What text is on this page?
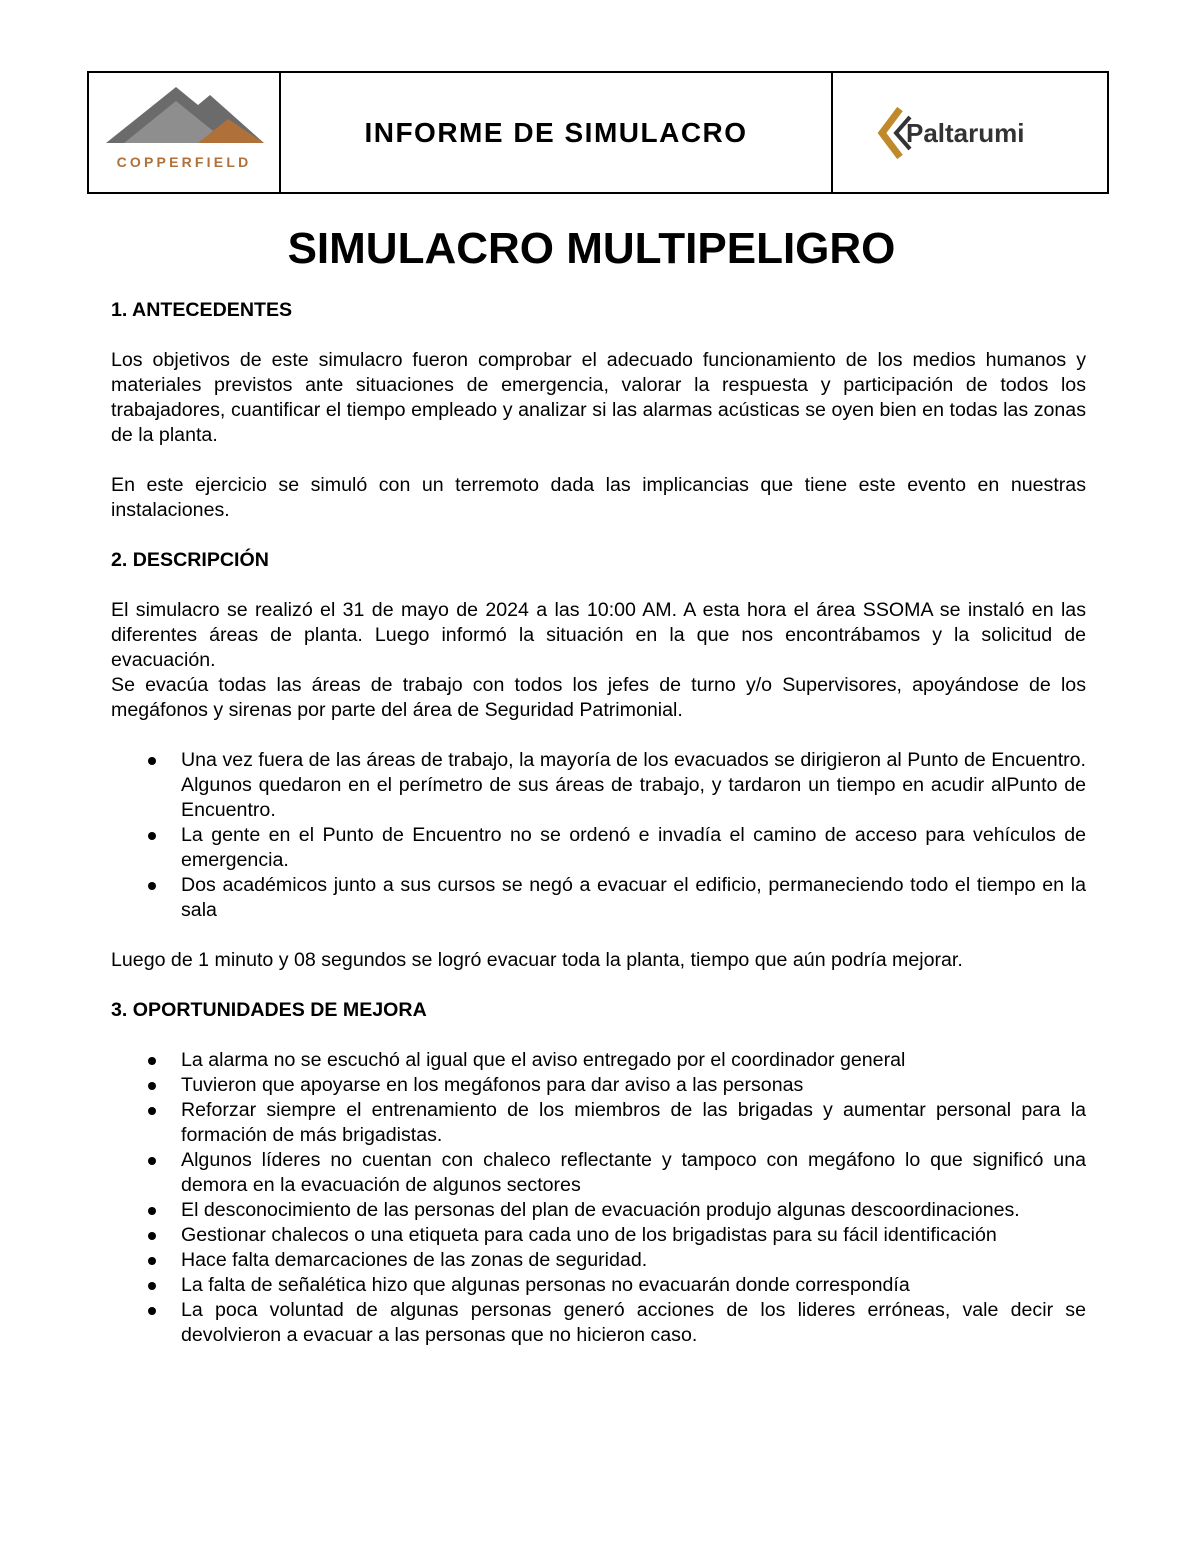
COPPERFIELD
INFORME DE SIMULACRO	Paltarumi
SIMULACRO MULTIPELIGRO

1. ANTECEDENTES

Los objetivos de este simulacro fueron comprobar el adecuado funcionamiento de los medios humanos y materiales previstos ante situaciones de emergencia, valorar la respuesta y participación de todos los trabajadores, cuantificar el tiempo empleado y analizar si las alarmas acústicas se oyen bien en todas las zonas de la planta.

En este ejercicio se simuló con un terremoto dada las implicancias que tiene este evento en nuestras instalaciones.

2. DESCRIPCIÓN

El simulacro se realizó el 31 de mayo de 2024 a las 10:00 AM. A esta hora el área SSOMA se instaló en las diferentes áreas de planta. Luego informó la situación en la que nos encontrábamos y la solicitud de evacuación.

Se evacúa todas las áreas de trabajo con todos los jefes de turno y/o Supervisores, apoyándose de los megáfonos y sirenas por parte del área de Seguridad Patrimonial.

Una vez fuera de las áreas de trabajo, la mayoría de los evacuados se dirigieron al Punto de Encuentro. Algunos quedaron en el perímetro de sus áreas de trabajo, y tardaron un tiempo en acudir alPunto de Encuentro.
La gente en el Punto de Encuentro no se ordenó e invadía el camino de acceso para vehículos de emergencia.
Dos académicos junto a sus cursos se negó a evacuar el edificio, permaneciendo todo el tiempo en la sala

Luego de 1 minuto y 08 segundos se logró evacuar toda la planta, tiempo que aún podría mejorar.

3. OPORTUNIDADES DE MEJORA

La alarma no se escuchó al igual que el aviso entregado por el coordinador general
Tuvieron que apoyarse en los megáfonos para dar aviso a las personas
Reforzar siempre el entrenamiento de los miembros de las brigadas y aumentar personal para la formación de más brigadistas.
Algunos líderes no cuentan con chaleco reflectante y tampoco con megáfono lo que significó una demora en la evacuación de algunos sectores
El desconocimiento de las personas del plan de evacuación produjo algunas descoordinaciones.
Gestionar chalecos o una etiqueta para cada uno de los brigadistas para su fácil identificación
Hace falta demarcaciones de las zonas de seguridad.
La falta de señalética hizo que algunas personas no evacuarán donde correspondía
La poca voluntad de algunas personas generó acciones de los lideres erróneas, vale decir se devolvieron a evacuar a las personas que no hicieron caso.
